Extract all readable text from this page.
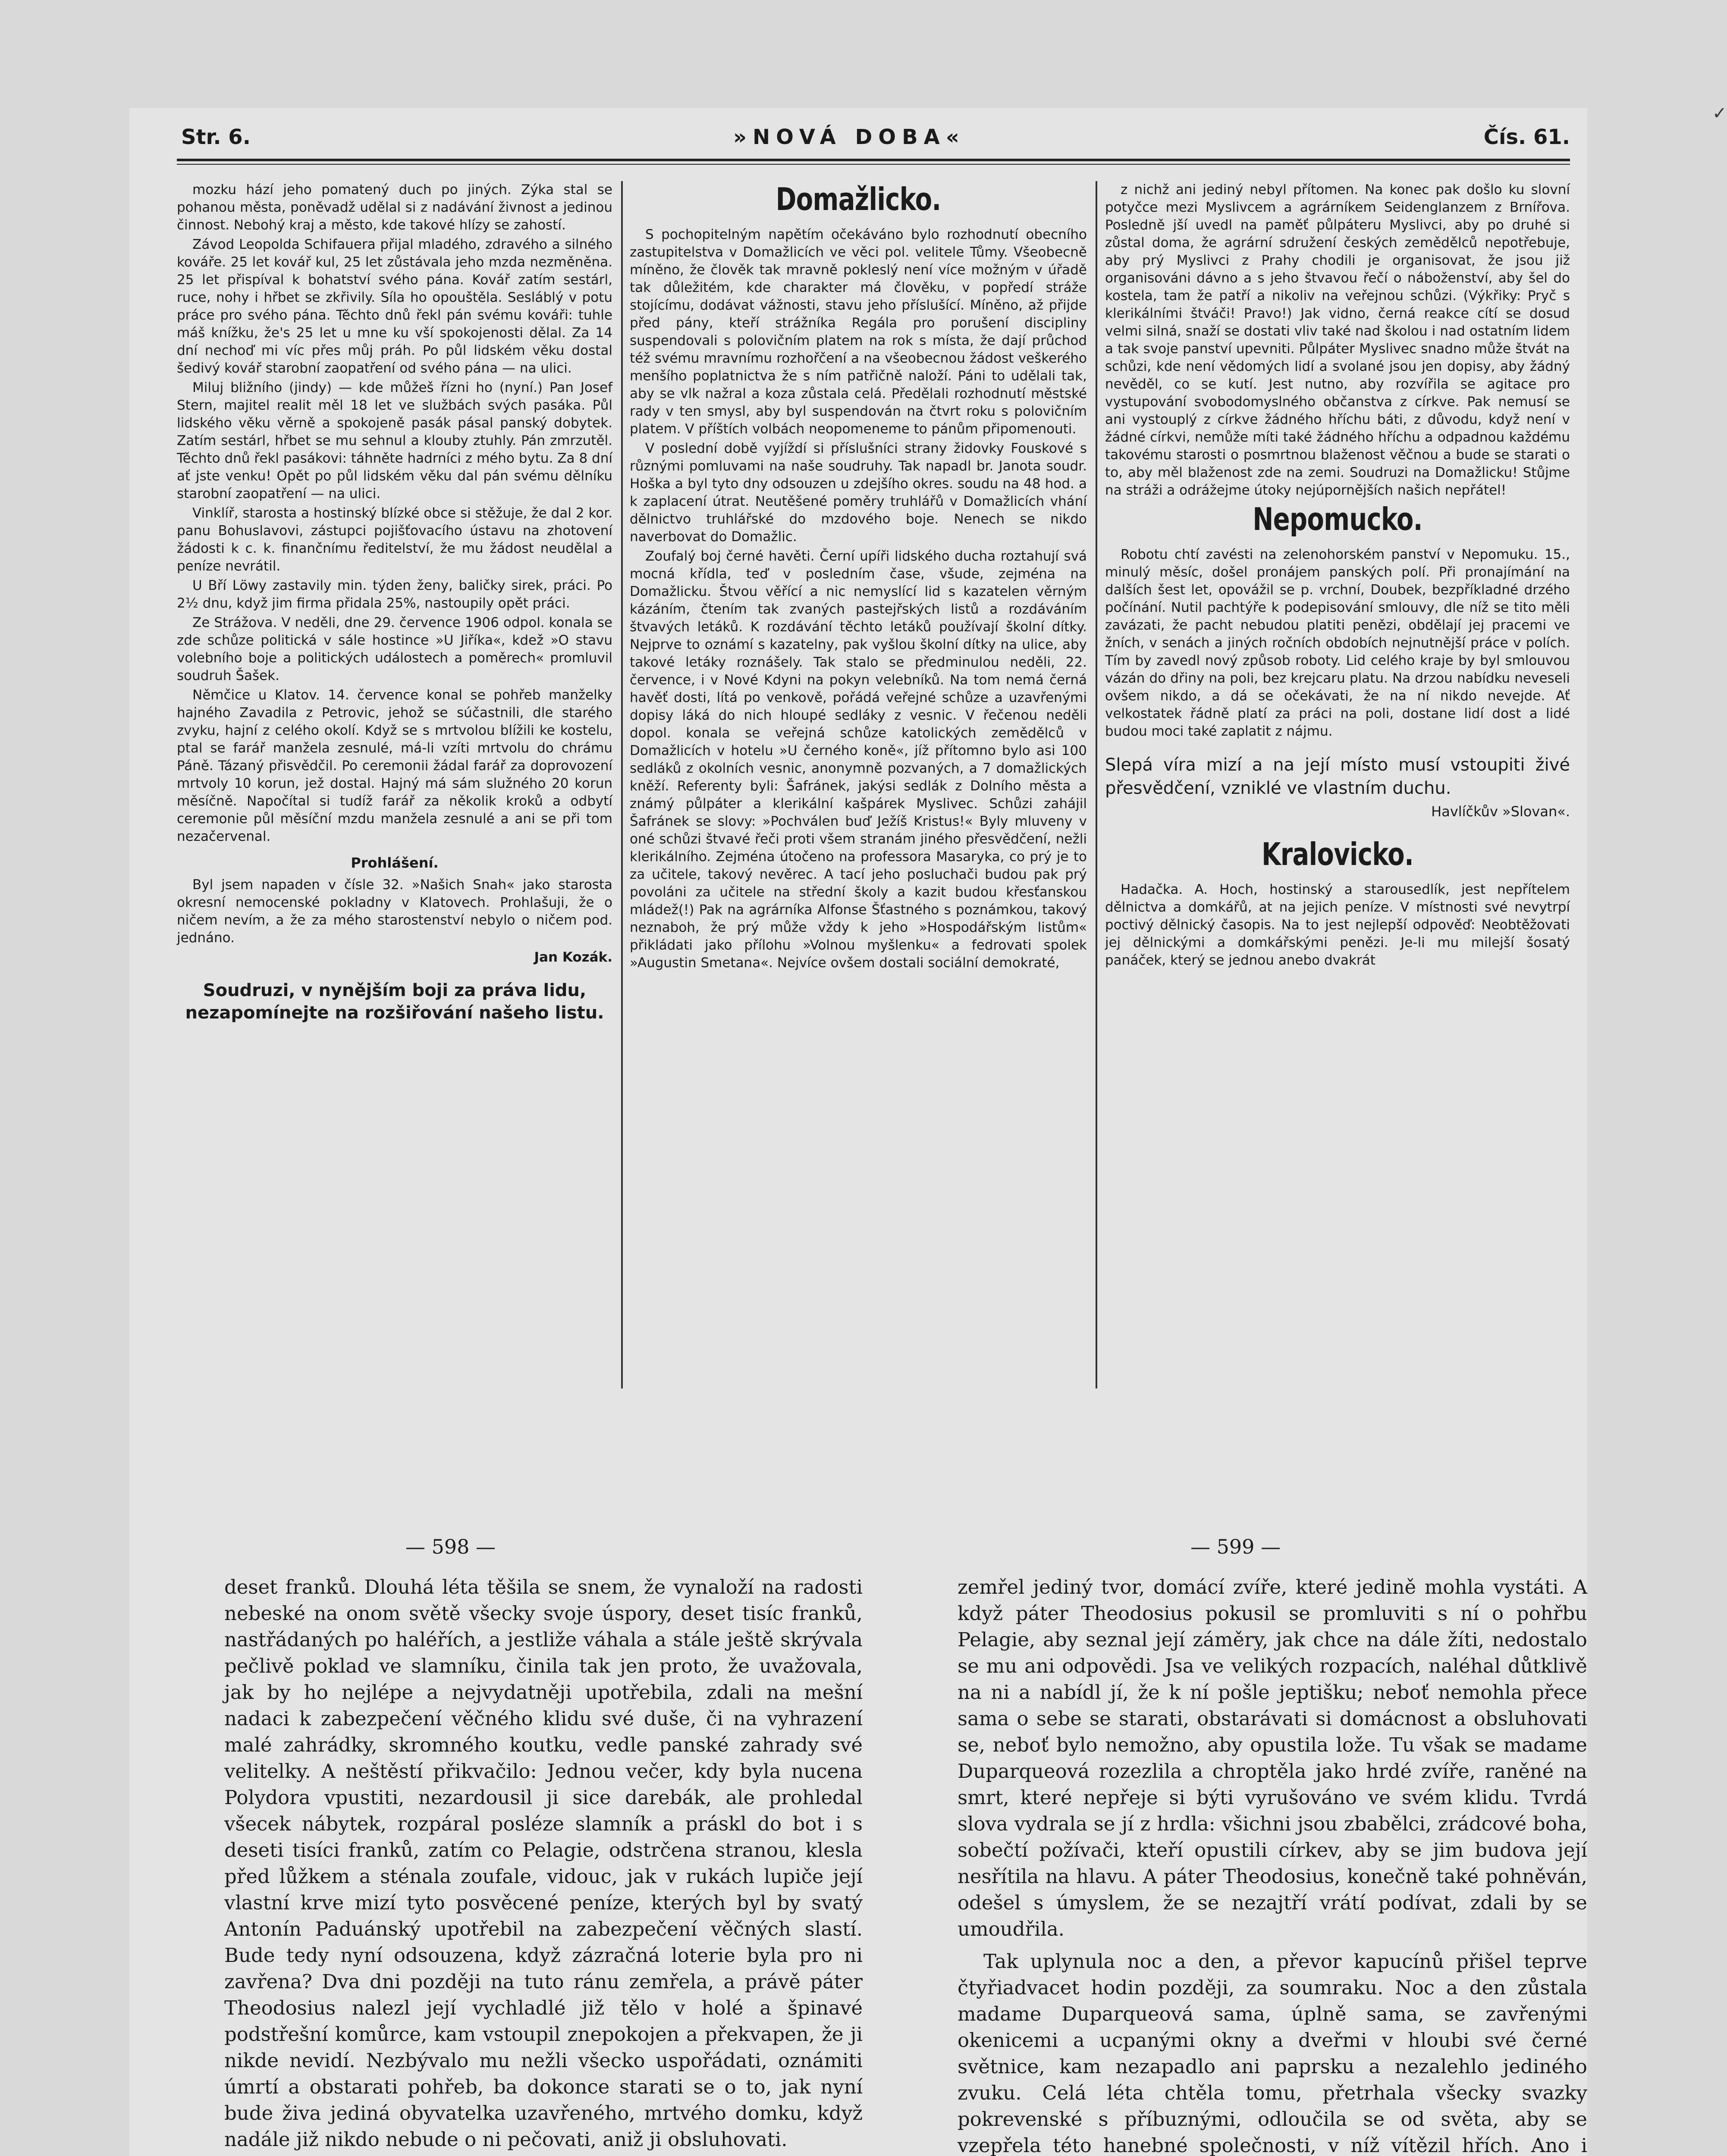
Str. 6.	»NOVÁ DOBA«	Čís. 61.

mozku hází jeho pomatený duch po jiných. Zýka stal se pohanou města, poněvadž udělal si z nadávání živnost a jedinou činnost. Nebohý kraj a město, kde takové hlízy se zahostí.

Závod Leopolda Schifauera přijal mladého, zdravého a silného kováře. 25 let kovář kul, 25 let zůstávala jeho mzda nezměněna. 25 let přispíval k bohatství svého pána. Kovář zatím sestárl, ruce, nohy i hřbet se zkřivily. Síla ho opouštěla. Sesláblý v potu práce pro svého pána. Těchto dnů řekl pán svému kováři: tuhle máš knížku, že's 25 let u mne ku vší spokojenosti dělal. Za 14 dní nechoď mi víc přes můj práh. Po půl lidském věku dostal šedivý kovář starobní zaopatření od svého pána — na ulici.

Miluj bližního (jindy) — kde můžeš řízni ho (nyní.) Pan Josef Stern, majitel realit měl 18 let ve službách svých pasáka. Půl lidského věku věrně a spokojeně pasák pásal panský dobytek. Zatím sestárl, hřbet se mu sehnul a klouby ztuhly. Pán zmrzutěl. Těchto dnů řekl pasákovi: táhněte hadrníci z mého bytu. Za 8 dní ať jste venku! Opět po půl lidském věku dal pán svému dělníku starobní zaopatření — na ulici.

Vinklíř, starosta a hostinský blízké obce si stěžuje, že dal 2 kor. panu Bohuslavovi, zástupci pojišťovacího ústavu na zhotovení žádosti k c. k. finančnímu ředitelství, že mu žádost neudělal a peníze nevrátil.

U Bří Löwy zastavily min. týden ženy, baličky sirek, práci. Po 2½ dnu, když jim firma přidala 25%, nastoupily opět práci.

Ze Strážova. V neděli, dne 29. července 1906 odpol. konala se zde schůze politická v sále hostince »U Jiříka«, kdež »O stavu volebního boje a politických událostech a poměrech« promluvil soudruh Šašek.

Němčice u Klatov. 14. července konal se pohřeb manželky hajného Zavadila z Petrovic, jehož se súčastnili, dle starého zvyku, hajní z celého okolí. Když se s mrtvolou blížili ke kostelu, ptal se farář manžela zesnulé, má-li vzíti mrtvolu do chrámu Páně. Tázaný přisvědčil. Po ceremonii žádal farář za doprovození mrtvoly 10 korun, jež dostal. Hajný má sám služného 20 korun měsíčně. Napočítal si tudíž farář za několik kroků a odbytí ceremonie půl měsíční mzdu manžela zesnulé a ani se při tom nezačervenal.

Prohlášení.

Byl jsem napaden v čísle 32. »Našich Snah« jako starosta okresní nemocenské pokladny v Klatovech. Prohlašuji, že o ničem nevím, a že za mého starostenství nebylo o ničem pod. jednáno.

Jan Kozák.
Soudruzi, v nynějším boji za práva lidu, nezapomínejte na rozšiřování našeho listu.
Domažlicko.

S pochopitelným napětím očekáváno bylo rozhodnutí obecního zastupitelstva v Domažlicích ve věci pol. velitele Tůmy. Všeobecně míněno, že člověk tak mravně pokleslý není více možným v úřadě tak důležitém, kde charakter má člověku, v popředí stráže stojícímu, dodávat vážnosti, stavu jeho příslušící. Míněno, až přijde před pány, kteří strážníka Regála pro porušení discipliny suspendovali s polovičním platem na rok s místa, že dají průchod též svému mravnímu rozhořčení a na všeobecnou žádost veškerého menšího poplatnictva že s ním patřičně naloží. Páni to udělali tak, aby se vlk nažral a koza zůstala celá. Předělali rozhodnutí městské rady v ten smysl, aby byl suspendován na čtvrt roku s polovičním platem. V příštích volbách neopomeneme to pánům připomenouti.

V poslední době vyjíždí si příslušníci strany židovky Fouskové s různými pomluvami na naše soudruhy. Tak napadl br. Janota soudr. Hoška a byl tyto dny odsouzen u zdejšího okres. soudu na 48 hod. a k zaplacení útrat. Neutěšené poměry truhlářů v Domažlicích vhání dělnictvo truhlářské do mzdového boje. Nenech se nikdo naverbovat do Domažlic.

Zoufalý boj černé havěti. Černí upíři lidského ducha roztahují svá mocná křídla, teď v posledním čase, všude, zejména na Domažlicku. Štvou věřící a nic nemyslící lid s kazatelen věrným kázáním, čtením tak zvaných pastejřských listů a rozdáváním štvavých letáků. K rozdávání těchto letáků používají školní dítky. Nejprve to oznámí s kazatelny, pak vyšlou školní dítky na ulice, aby takové letáky roznášely. Tak stalo se předminulou neděli, 22. července, i v Nové Kdyni na pokyn velebníků. Na tom nemá černá havěť dosti, lítá po venkově, pořádá veřejné schůze a uzavřenými dopisy láká do nich hloupé sedláky z vesnic. V řečenou neděli dopol. konala se veřejná schůze katolických zemědělců v Domažlicích v hotelu »U černého koně«, jíž přítomno bylo asi 100 sedláků z okolních vesnic, anonymně pozvaných, a 7 domažlických kněží. Referenty byli: Šafránek, jakýsi sedlák z Dolního města a známý půlpáter a klerikální kašpárek Myslivec. Schůzi zahájil Šafránek se slovy: »Pochválen buď Ježíš Kristus!« Byly mluveny v oné schůzi štvavé řeči proti všem stranám jiného přesvědčení, nežli klerikálního. Zejména útočeno na professora Masaryka, co prý je to za učitele, takový nevěrec. A tací jeho posluchači budou pak prý povoláni za učitele na střední školy a kazit budou křesťanskou mládež(!) Pak na agrárníka Alfonse Šťastného s poznámkou, takový neznaboh, že prý může vždy k jeho »Hospodářským listům« přikládati jako přílohu »Volnou myšlenku« a fedrovati spolek »Augustin Smetana«. Nejvíce ovšem dostali sociální demokraté,

z nichž ani jediný nebyl přítomen. Na konec pak došlo ku slovní potyčce mezi Myslivcem a agrárníkem Seidenglanzem z Brnířova. Posledně jší uvedl na paměť půlpáteru Myslivci, aby po druhé si zůstal doma, že agrární sdružení českých zemědělců nepotřebuje, aby prý Myslivci z Prahy chodili je organisovat, že jsou již organisováni dávno a s jeho štvavou řečí o náboženství, aby šel do kostela, tam že patří a nikoliv na veřejnou schůzi. (Výkřiky: Pryč s klerikálními štváči! Pravo!) Jak vidno, černá reakce cítí se dosud velmi silná, snaží se dostati vliv také nad školou i nad ostatním lidem a tak svoje panství upevniti. Půlpáter Myslivec snadno může štvát na schůzi, kde není vědomých lidí a svolané jsou jen dopisy, aby žádný nevěděl, co se kutí. Jest nutno, aby rozvířila se agitace pro vystupování svobodomyslného občanstva z církve. Pak nemusí se ani vystouplý z církve žádného hříchu báti, z důvodu, když není v žádné církvi, nemůže míti také žádného hříchu a odpadnou každému takovému starosti o posmrtnou blaženost věčnou a bude se starati o to, aby měl blaženost zde na zemi. Soudruzi na Domažlicku! Stůjme na stráži a odrážejme útoky nejúpornějších našich nepřátel!

Nepomucko.

Robotu chtí zavésti na zelenohorském panství v Nepomuku. 15., minulý měsíc, došel pronájem panských polí. Při pronajímání na dalších šest let, opovážil se p. vrchní, Doubek, bezpříkladné drzého počínání. Nutil pachtýře k podepisování smlouvy, dle níž se tito měli zavázati, že pacht nebudou platiti penězi, obdělají jej pracemi ve žních, v senách a jiných ročních obdobích nejnutnější práce v polích. Tím by zavedl nový způsob roboty. Lid celého kraje by byl smlouvou vázán do dřiny na poli, bez krejcaru platu. Na drzou nabídku neveseli ovšem nikdo, a dá se očekávati, že na ní nikdo nevejde. Ať velkostatek řádně platí za práci na poli, dostane lidí dost a lidé budou moci také zaplatit z nájmu.

Slepá víra mizí a na její místo musí vstoupiti živé přesvědčení, vzniklé ve vlastním duchu.
Havlíčkův »Slovan«.
Kralovicko.

Hadačka. A. Hoch, hostinský a starousedlík, jest nepřítelem dělnictva a domkářů, at na jejich peníze. V místnosti své nevytrpí poctivý dělnický časopis. Na to jest nejlepší odpověď: Neobtěžovati jej dělnickými a domkářskými penězi. Je-li mu milejší šosatý panáček, který se jednou anebo dvakrát

— 598 —	— 599 —

deset franků. Dlouhá léta těšila se snem, že vynaloží na radosti nebeské na onom světě všecky svoje úspory, deset tisíc franků, nastřádaných po haléřích, a jestliže váhala a stále ještě skrývala pečlivě poklad ve slamníku, činila tak jen proto, že uvažovala, jak by ho nejlépe a nejvydatněji upotřebila, zdali na mešní nadaci k zabezpečení věčného klidu své duše, či na vyhrazení malé zahrádky, skromného koutku, vedle panské zahrady své velitelky. A neštěstí přikvačilo: Jednou večer, kdy byla nucena Polydora vpustiti, nezardousil ji sice darebák, ale prohledal všecek nábytek, rozpáral posléze slamník a práskl do bot i s deseti tisíci franků, zatím co Pelagie, odstrčena stranou, klesla před lůžkem a sténala zoufale, vidouc, jak v rukách lupiče její vlastní krve mizí tyto posvěcené peníze, kterých byl by svatý Antonín Paduánský upotřebil na zabezpečení věčných slastí. Bude tedy nyní odsouzena, když zázračná loterie byla pro ni zavřena? Dva dni později na tuto ránu zemřela, a právě páter Theodosius nalezl její vychladlé již tělo v holé a špinavé podstřešní komůrce, kam vstoupil znepokojen a překvapen, že ji nikde nevidí. Nezbývalo mu nežli všecko uspořádati, oznámiti úmrtí a obstarati pohřeb, ba dokonce starati se o to, jak nyní bude živa jediná obyvatelka uzavřeného, mrtvého domku, když nadále již nikdo nebude o ni pečovati, aniž ji obsluhovati.

zemřel jediný tvor, domácí zvíře, které jedině mohla vystáti. A když páter Theodosius pokusil se promluviti s ní o pohřbu Pelagie, aby seznal její záměry, jak chce na dále žíti, nedostalo se mu ani odpovědi. Jsa ve velikých rozpacích, naléhal důtklivě na ni a nabídl jí, že k ní pošle jeptišku; neboť nemohla přece sama o sebe se starati, obstarávati si domácnost a obsluhovati se, neboť bylo nemožno, aby opustila lože. Tu však se madame Duparqueová rozezlila a chroptěla jako hrdé zvíře, raněné na smrt, které nepřeje si býti vyrušováno ve svém klidu. Tvrdá slova vydrala se jí z hrdla: všichni jsou zbabělci, zrádcové boha, sobečtí požívači, kteří opustili církev, aby se jim budova její nesřítila na hlavu. A páter Theodosius, konečně také pohněván, odešel s úmyslem, že se nezajtří vrátí podívat, zdali by se umoudřila.

Tak uplynula noc a den, a převor kapucínů přišel teprve čtyřiadvacet hodin později, za soumraku. Noc a den zůstala madame Duparqueová sama, úplně sama, se zavřenými okenicemi a ucpanými okny a dveřmi v hloubi své černé světnice, kam nezapadlo ani paprsku a nezalehlo jediného zvuku. Celá léta chtěla tomu, přetrhala všecky svazky pokrevenské s příbuznými, odloučila se od světa, aby se vzepřela této hanebné společnosti, v níž vítězil hřích. Ano i

✓
